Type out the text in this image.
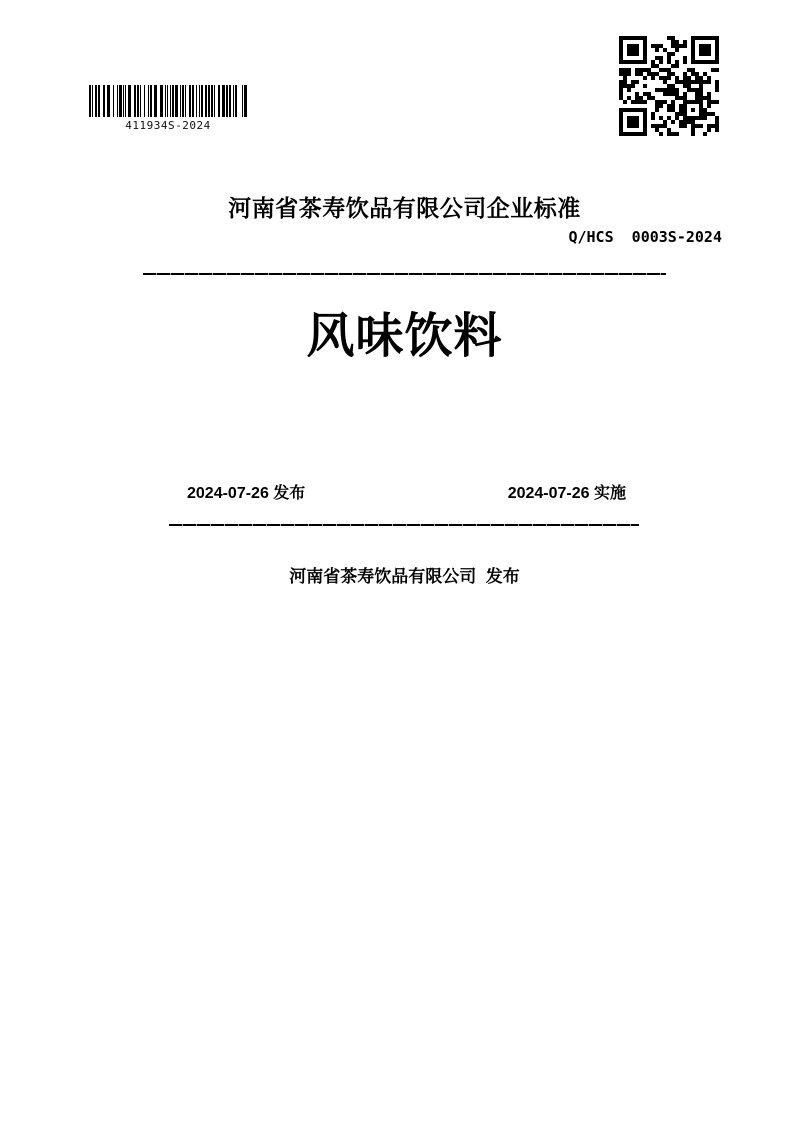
411934S-2024
河南省茶寿饮品有限公司企业标准
Q/HCS  0003S-2024
风味饮料
2024-07-26 发布	2024-07-26 实施
河南省茶寿饮品有限公司  发布
